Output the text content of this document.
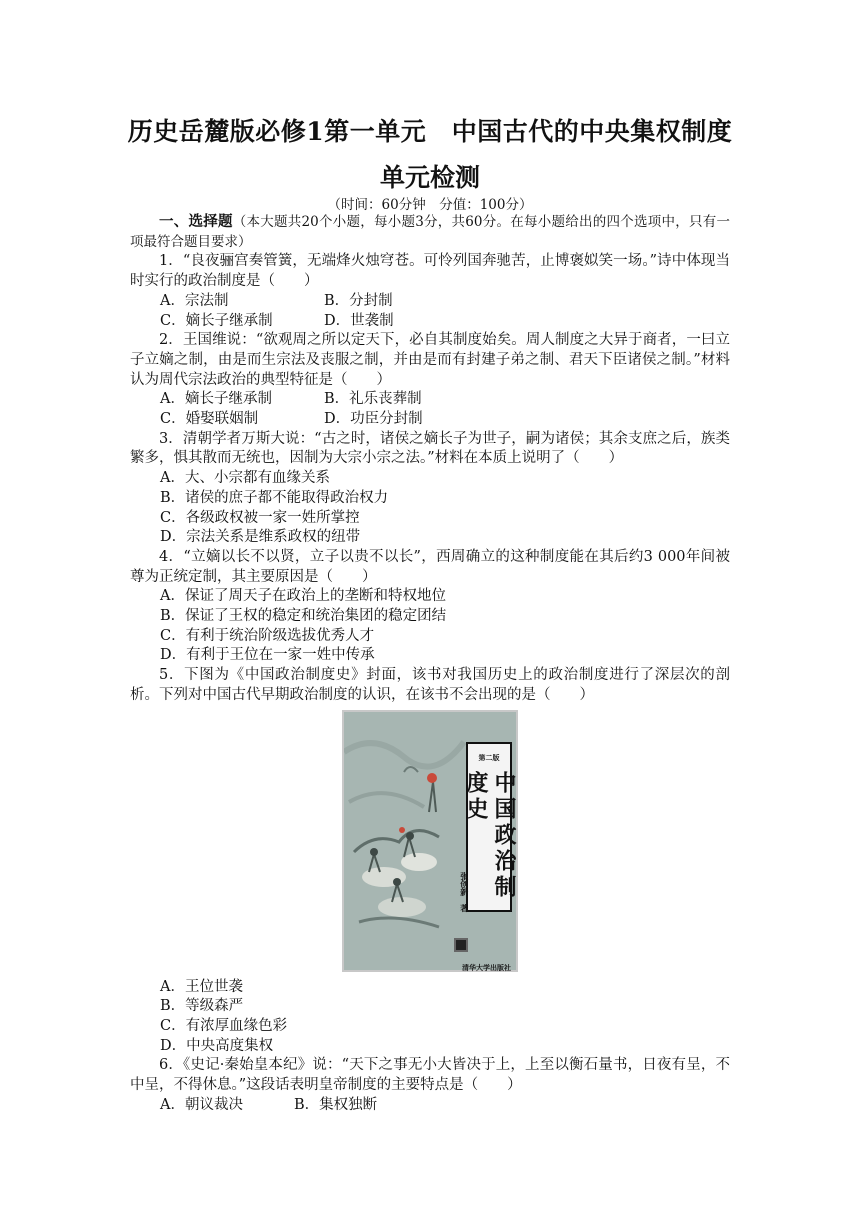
历史岳麓版必修1第一单元　中国古代的中央集权制度
单元检测
（时间：60分钟　分值：100分）

一、选择题（本大题共20个小题，每小题3分，共60分。在每小题给出的四个选项中，只有一项最符合题目要求）

1．“良夜骊宫奏管簧，无端烽火烛穹苍。可怜列国奔驰苦，止博褒姒笑一场。”诗中体现当时实行的政治制度是（　　）

A．宗法制	B．分封制
C．嫡长子继承制	D．世袭制

2．王国维说：“欲观周之所以定天下，必自其制度始矣。周人制度之大异于商者，一曰立子立嫡之制，由是而生宗法及丧服之制，并由是而有封建子弟之制、君天下臣诸侯之制。”材料认为周代宗法政治的典型特征是（　　）

A．嫡长子继承制	B．礼乐丧葬制
C．婚娶联姻制	D．功臣分封制

3．清朝学者万斯大说：“古之时，诸侯之嫡长子为世子，嗣为诸侯；其余支庶之后，族类繁多，惧其散而无统也，因制为大宗小宗之法。”材料在本质上说明了（　　）

A．大、小宗都有血缘关系

B．诸侯的庶子都不能取得政治权力

C．各级政权被一家一姓所掌控

D．宗法关系是维系政权的纽带

4．“立嫡以长不以贤，立子以贵不以长”，西周确立的这种制度能在其后约3 000年间被尊为正统定制，其主要原因是（　　）

A．保证了周天子在政治上的垄断和特权地位

B．保证了王权的稳定和统治集团的稳定团结

C．有利于统治阶级选拔优秀人才

D．有利于王位在一家一姓中传承

5．下图为《中国政治制度史》封面，该书对我国历史上的政治制度进行了深层次的剖析。下列对中国古代早期政治制度的认识，在该书不会出现的是（　　）

第二版
中国政治制度史
张创新　著
清华大学出版社

A．王位世袭

B．等级森严

C．有浓厚血缘色彩

D．中央高度集权

6．《史记·秦始皇本纪》说：“天下之事无小大皆决于上，上至以衡石量书，日夜有呈，不中呈，不得休息。”这段话表明皇帝制度的主要特点是（　　）

A．朝议裁决	B．集权独断
